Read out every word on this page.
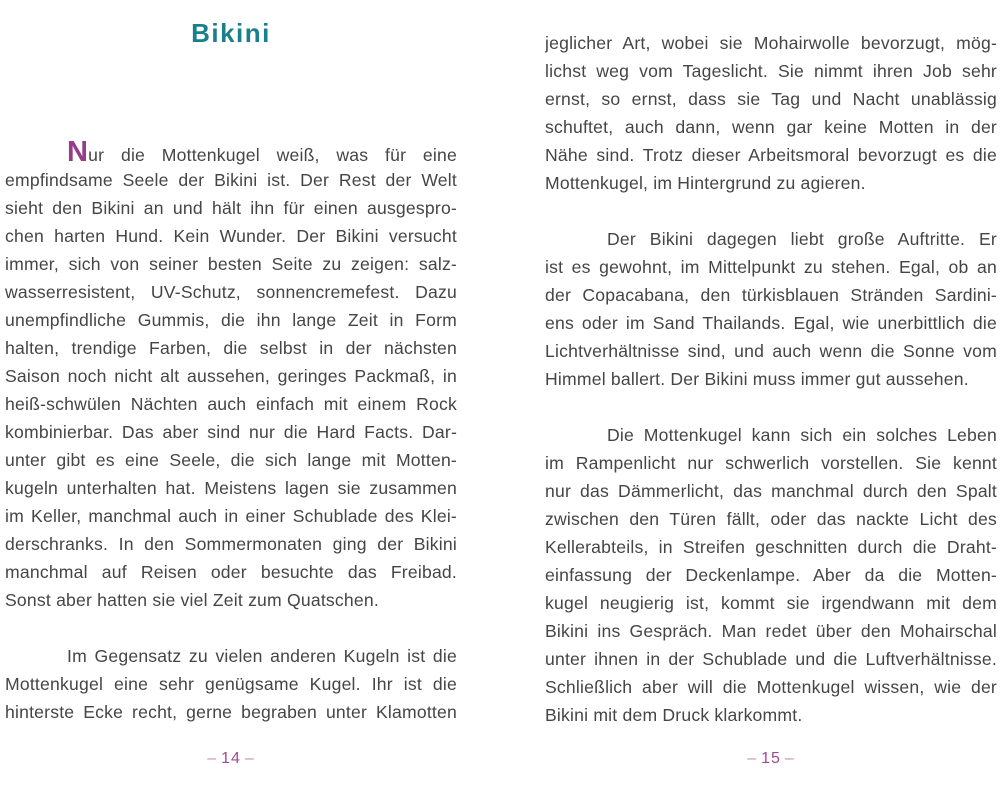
Bikini
Nur die Mottenkugel weiß, was für eine
empfindsame Seele der Bikini ist. Der Rest der Welt
sieht den Bikini an und hält ihn für einen ausgespro-
chen harten Hund. Kein Wunder. Der Bikini versucht
immer, sich von seiner besten Seite zu zeigen: salz-
wasserresistent, UV-Schutz, sonnencremefest. Dazu
unempfindliche Gummis, die ihn lange Zeit in Form
halten, trendige Farben, die selbst in der nächsten
Saison noch nicht alt aussehen, geringes Packmaß, in
heiß-schwülen Nächten auch einfach mit einem Rock
kombinierbar. Das aber sind nur die Hard Facts. Dar-
unter gibt es eine Seele, die sich lange mit Motten-
kugeln unterhalten hat. Meistens lagen sie zusammen
im Keller, manchmal auch in einer Schublade des Klei-
derschranks. In den Sommermonaten ging der Bikini
manchmal auf Reisen oder besuchte das Freibad.
Sonst aber hatten sie viel Zeit zum Quatschen.
Im Gegensatz zu vielen anderen Kugeln ist die
Mottenkugel eine sehr genügsame Kugel. Ihr ist die
hinterste Ecke recht, gerne begraben unter Klamotten
– 14 –
jeglicher Art, wobei sie Mohairwolle bevorzugt, mög-
lichst weg vom Tageslicht. Sie nimmt ihren Job sehr
ernst, so ernst, dass sie Tag und Nacht unablässig
schuftet, auch dann, wenn gar keine Motten in der
Nähe sind. Trotz dieser Arbeitsmoral bevorzugt es die
Mottenkugel, im Hintergrund zu agieren.
Der Bikini dagegen liebt große Auftritte. Er
ist es gewohnt, im Mittelpunkt zu stehen. Egal, ob an
der Copacabana, den türkisblauen Stränden Sardini-
ens oder im Sand Thailands. Egal, wie unerbittlich die
Lichtverhältnisse sind, und auch wenn die Sonne vom
Himmel ballert. Der Bikini muss immer gut aussehen.
Die Mottenkugel kann sich ein solches Leben
im Rampenlicht nur schwerlich vorstellen. Sie kennt
nur das Dämmerlicht, das manchmal durch den Spalt
zwischen den Türen fällt, oder das nackte Licht des
Kellerabteils, in Streifen geschnitten durch die Draht-
einfassung der Deckenlampe. Aber da die Motten-
kugel neugierig ist, kommt sie irgendwann mit dem
Bikini ins Gespräch. Man redet über den Mohairschal
unter ihnen in der Schublade und die Luftverhältnisse.
Schließlich aber will die Mottenkugel wissen, wie der
Bikini mit dem Druck klarkommt.
– 15 –
